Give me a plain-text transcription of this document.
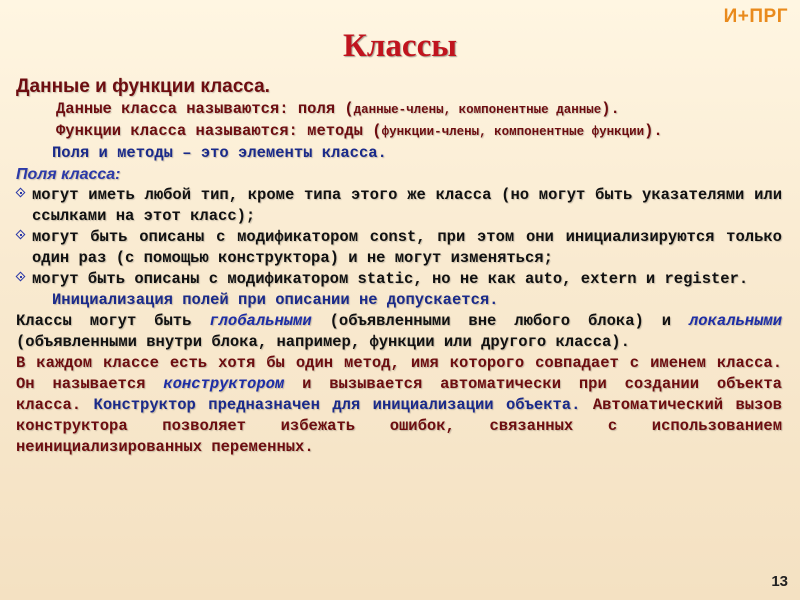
И+ПРГ
Классы

Данные и функции класса.

Данные класса называются: поля (данные-члены, компонентные данные).

Функции класса называются: методы (функции-члены, компонентные функции).

Поля и методы – это элементы класса.

Поля класса:

могут иметь любой тип, кроме типа этого же класса (но могут быть указателями или ссылками на этот класс);

могут быть описаны с модификатором const, при этом они инициализируются только один раз (с помощью конструктора) и не могут изменяться;

могут быть описаны с модификатором static, но не как auto, extern и register.

Инициализация полей при описании не допускается.

Классы могут быть глобальными (объявленными вне любого блока) и локальными (объявленными внутри блока, например, функции или другого класса).

В каждом классе есть хотя бы один метод, имя которого совпадает с именем класса. Он называется конструктором и вызывается автоматически при создании объекта класса. Конструктор предназначен для инициализации объекта. Автоматический вызов конструктора позволяет избежать ошибок, связанных с использованием неинициализированных переменных.

13
